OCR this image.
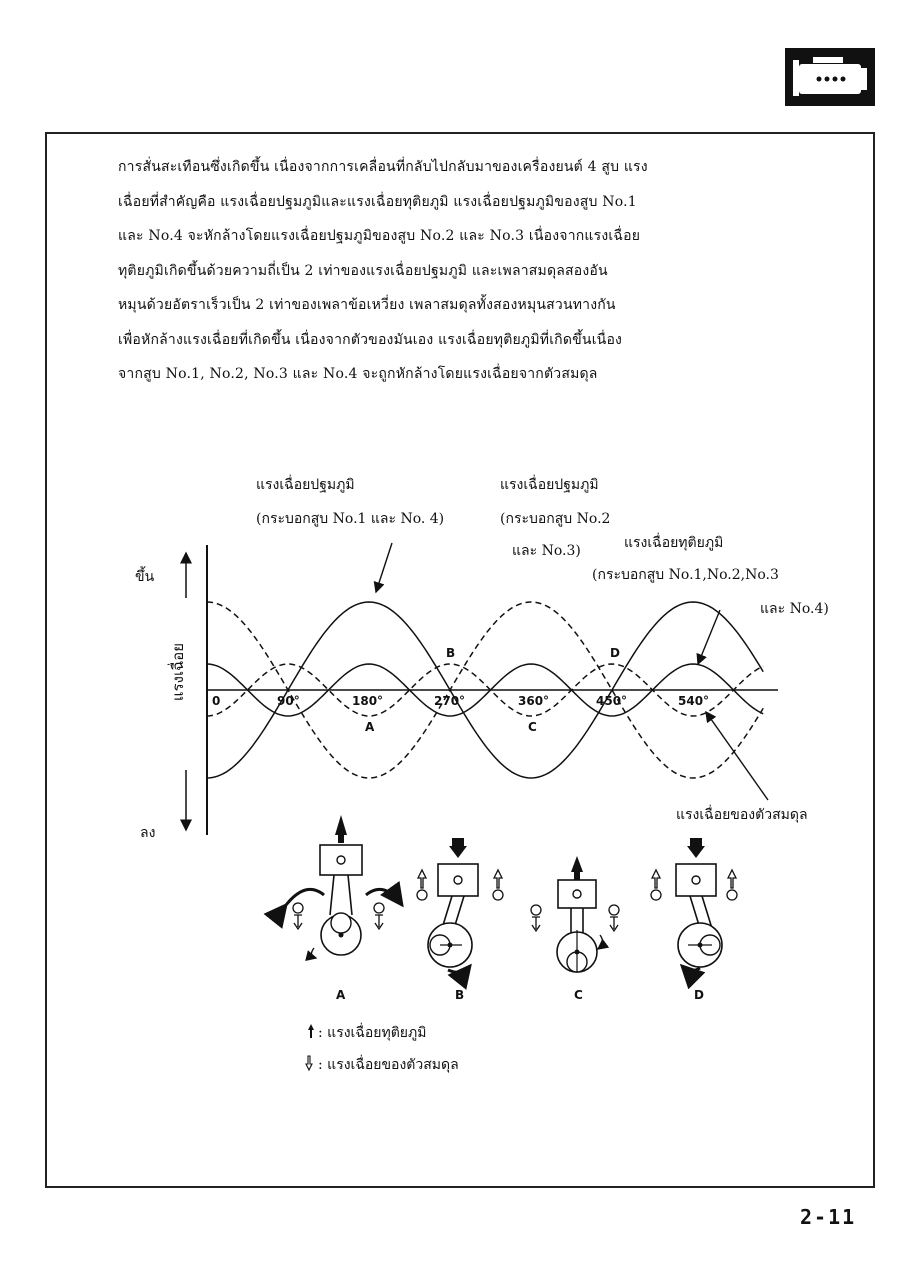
การสั่นสะเทือนซึ่งเกิดขึ้น เนื่องจากการเคลื่อนที่กลับไปกลับมาของเครื่องยนต์ 4 สูบ แรง
เฉื่อยที่สำคัญคือ แรงเฉื่อยปฐมภูมิและแรงเฉื่อยทุติยภูมิ แรงเฉื่อยปฐมภูมิของสูบ No.1
และ No.4 จะหักล้างโดยแรงเฉื่อยปฐมภูมิของสูบ No.2 และ No.3 เนื่องจากแรงเฉื่อย
ทุติยภูมิเกิดขึ้นด้วยความถี่เป็น 2 เท่าของแรงเฉื่อยปฐมภูมิ และเพลาสมดุลสองอัน
หมุนด้วยอัตราเร็วเป็น 2 เท่าของเพลาข้อเหวี่ยง เพลาสมดุลทั้งสองหมุนสวนทางกัน
เพื่อหักล้างแรงเฉื่อยที่เกิดขึ้น เนื่องจากตัวของมันเอง แรงเฉื่อยทุติยภูมิที่เกิดขึ้นเนื่อง
จากสูบ No.1, No.2, No.3 และ No.4 จะถูกหักล้างโดยแรงเฉื่อยจากตัวสมดุล
แรงเฉื่อยปฐมภูมิ
(กระบอกสูบ No.1 และ No. 4)
แรงเฉื่อยปฐมภูมิ
(กระบอกสูบ No.2
และ No.3)	แรงเฉื่อยทุติยภูมิ
(กระบอกสูบ No.1,No.2,No.3
และ No.4)
แรงเฉื่อยของตัวสมดุล
ขึ้น
ลง
แรงเฉื่อย 0	90°	180°	270°	360°	450°	540°
A
B
C
D
A	B	C	D
: แรงเฉื่อยทุติยภูมิ
: แรงเฉื่อยของตัวสมดุล
2-11
